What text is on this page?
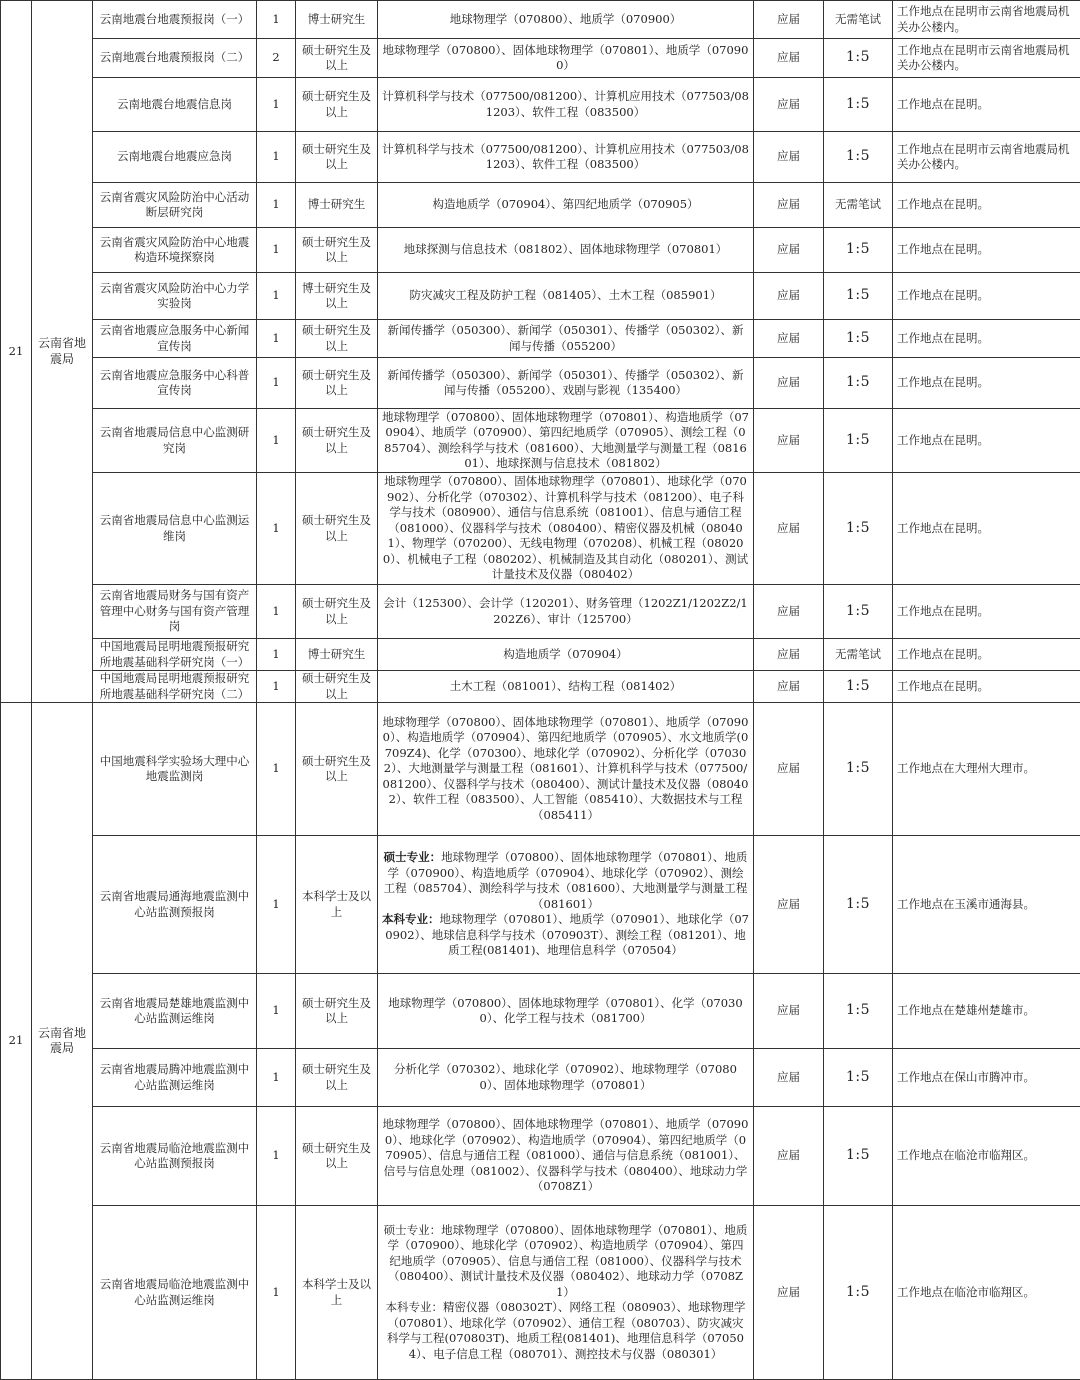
21	云南省地震局	云南地震台地震预报岗（一）	1	博士研究生	地球物理学（070800）、地质学（070900）	应届	无需笔试	工作地点在昆明市云南省地震局机关办公楼内。
		云南地震台地震预报岗（二）	2	硕士研究生及以上	地球物理学（070800）、固体地球物理学（070801）、地质学（070900）	应届	1:5	工作地点在昆明市云南省地震局机关办公楼内。
		云南地震台地震信息岗	1	硕士研究生及以上	计算机科学与技术（077500/081200）、计算机应用技术（077503/081203）、软件工程（083500）	应届	1:5	工作地点在昆明。
		云南地震台地震应急岗	1	硕士研究生及以上	计算机科学与技术（077500/081200）、计算机应用技术（077503/081203）、软件工程（083500）	应届	1:5	工作地点在昆明市云南省地震局机关办公楼内。
		云南省震灾风险防治中心活动断层研究岗	1	博士研究生	构造地质学（070904）、第四纪地质学（070905）	应届	无需笔试	工作地点在昆明。
		云南省震灾风险防治中心地震构造环境探察岗	1	硕士研究生及以上	地球探测与信息技术（081802）、固体地球物理学（070801）	应届	1:5	工作地点在昆明。
		云南省震灾风险防治中心力学实验岗	1	博士研究生及以上	防灾减灾工程及防护工程（081405）、土木工程（085901）	应届	1:5	工作地点在昆明。
		云南省地震应急服务中心新闻宣传岗	1	硕士研究生及以上	新闻传播学（050300）、新闻学（050301）、传播学（050302）、新闻与传播（055200）	应届	1:5	工作地点在昆明。
		云南省地震应急服务中心科普宣传岗	1	硕士研究生及以上	新闻传播学（050300）、新闻学（050301）、传播学（050302）、新闻与传播（055200）、戏剧与影视（135400）	应届	1:5	工作地点在昆明。
		云南省地震局信息中心监测研究岗	1	硕士研究生及以上	地球物理学（070800）、固体地球物理学（070801）、构造地质学（070904）、地质学（070900）、第四纪地质学（070905）、测绘工程（085704）、测绘科学与技术（081600）、大地测量学与测量工程（081601）、地球探测与信息技术（081802）	应届	1:5	工作地点在昆明。
		云南省地震局信息中心监测运维岗	1	硕士研究生及以上	地球物理学（070800）、固体地球物理学（070801）、地球化学（070902）、分析化学（070302）、计算机科学与技术（081200）、电子科学与技术（080900）、通信与信息系统（081001）、信息与通信工程（081000）、仪器科学与技术（080400）、精密仪器及机械（080401）、物理学（070200）、无线电物理（070208）、机械工程（080200）、机械电子工程（080202）、机械制造及其自动化（080201）、测试计量技术及仪器（080402）	应届	1:5	工作地点在昆明。
		云南省地震局财务与国有资产管理中心财务与国有资产管理岗	1	硕士研究生及以上	会计（125300）、会计学（120201）、财务管理（1202Z1/1202Z2/1202Z6）、审计（125700）	应届	1:5	工作地点在昆明。
		中国地震局昆明地震预报研究所地震基础科学研究岗（一）	1	博士研究生	构造地质学（070904）	应届	无需笔试	工作地点在昆明。
		中国地震局昆明地震预报研究所地震基础科学研究岗（二）	1	硕士研究生及以上	土木工程（081001）、结构工程（081402）	应届	1:5	工作地点在昆明。
21	云南省地震局	中国地震科学实验场大理中心地震监测岗	1	硕士研究生及以上	地球物理学（070800）、固体地球物理学（070801）、地质学（070900）、构造地质学（070904）、第四纪地质学（070905）、水文地质学(0709Z4)、化学（070300）、地球化学（070902）、分析化学（070302）、大地测量学与测量工程（081601）、计算机科学与技术（077500/081200）、仪器科学与技术（080400）、测试计量技术及仪器（080402）、软件工程（083500）、人工智能（085410）、大数据技术与工程（085411）	应届	1:5	工作地点在大理州大理市。
		云南省地震局通海地震监测中心站监测预报岗	1	本科学士及以上	硕士专业：地球物理学（070800）、固体地球物理学（070801）、地质学（070900）、构造地质学（070904）、地球化学（070902）、测绘工程（085704）、测绘科学与技术（081600）、大地测量学与测量工程（081601）
本科专业：地球物理学（070801）、地质学（070901）、地球化学（070902）、地球信息科学与技术（070903T）、测绘工程（081201）、地质工程(081401)、地理信息科学（070504）	应届	1:5	工作地点在玉溪市通海县。
		云南省地震局楚雄地震监测中心站监测运维岗	1	硕士研究生及以上	地球物理学（070800）、固体地球物理学（070801）、化学（070300）、化学工程与技术（081700）	应届	1:5	工作地点在楚雄州楚雄市。
		云南省地震局腾冲地震监测中心站监测运维岗	1	硕士研究生及以上	分析化学（070302）、地球化学（070902）、地球物理学（070800）、固体地球物理学（070801）	应届	1:5	工作地点在保山市腾冲市。
		云南省地震局临沧地震监测中心站监测预报岗	1	硕士研究生及以上	地球物理学（070800）、固体地球物理学（070801）、地质学（070900）、地球化学（070902）、构造地质学（070904）、第四纪地质学（070905）、信息与通信工程（081000）、通信与信息系统（081001）、信号与信息处理（081002）、仪器科学与技术（080400）、地球动力学（0708Z1）	应届	1:5	工作地点在临沧市临翔区。
		云南省地震局临沧地震监测中心站监测运维岗	1	本科学士及以上	硕士专业：地球物理学（070800）、固体地球物理学（070801）、地质学（070900）、地球化学（070902）、构造地质学（070904）、第四纪地质学（070905）、信息与通信工程（081000）、仪器科学与技术（080400）、测试计量技术及仪器（080402）、地球动力学（0708Z1）
本科专业：精密仪器（080302T）、网络工程（080903）、地球物理学（070801）、地球化学（070902）、通信工程（080703）、防灾减灾科学与工程(070803T)、地质工程(081401)、地理信息科学（070504）、电子信息工程（080701）、测控技术与仪器（080301）	应届	1:5	工作地点在临沧市临翔区。
